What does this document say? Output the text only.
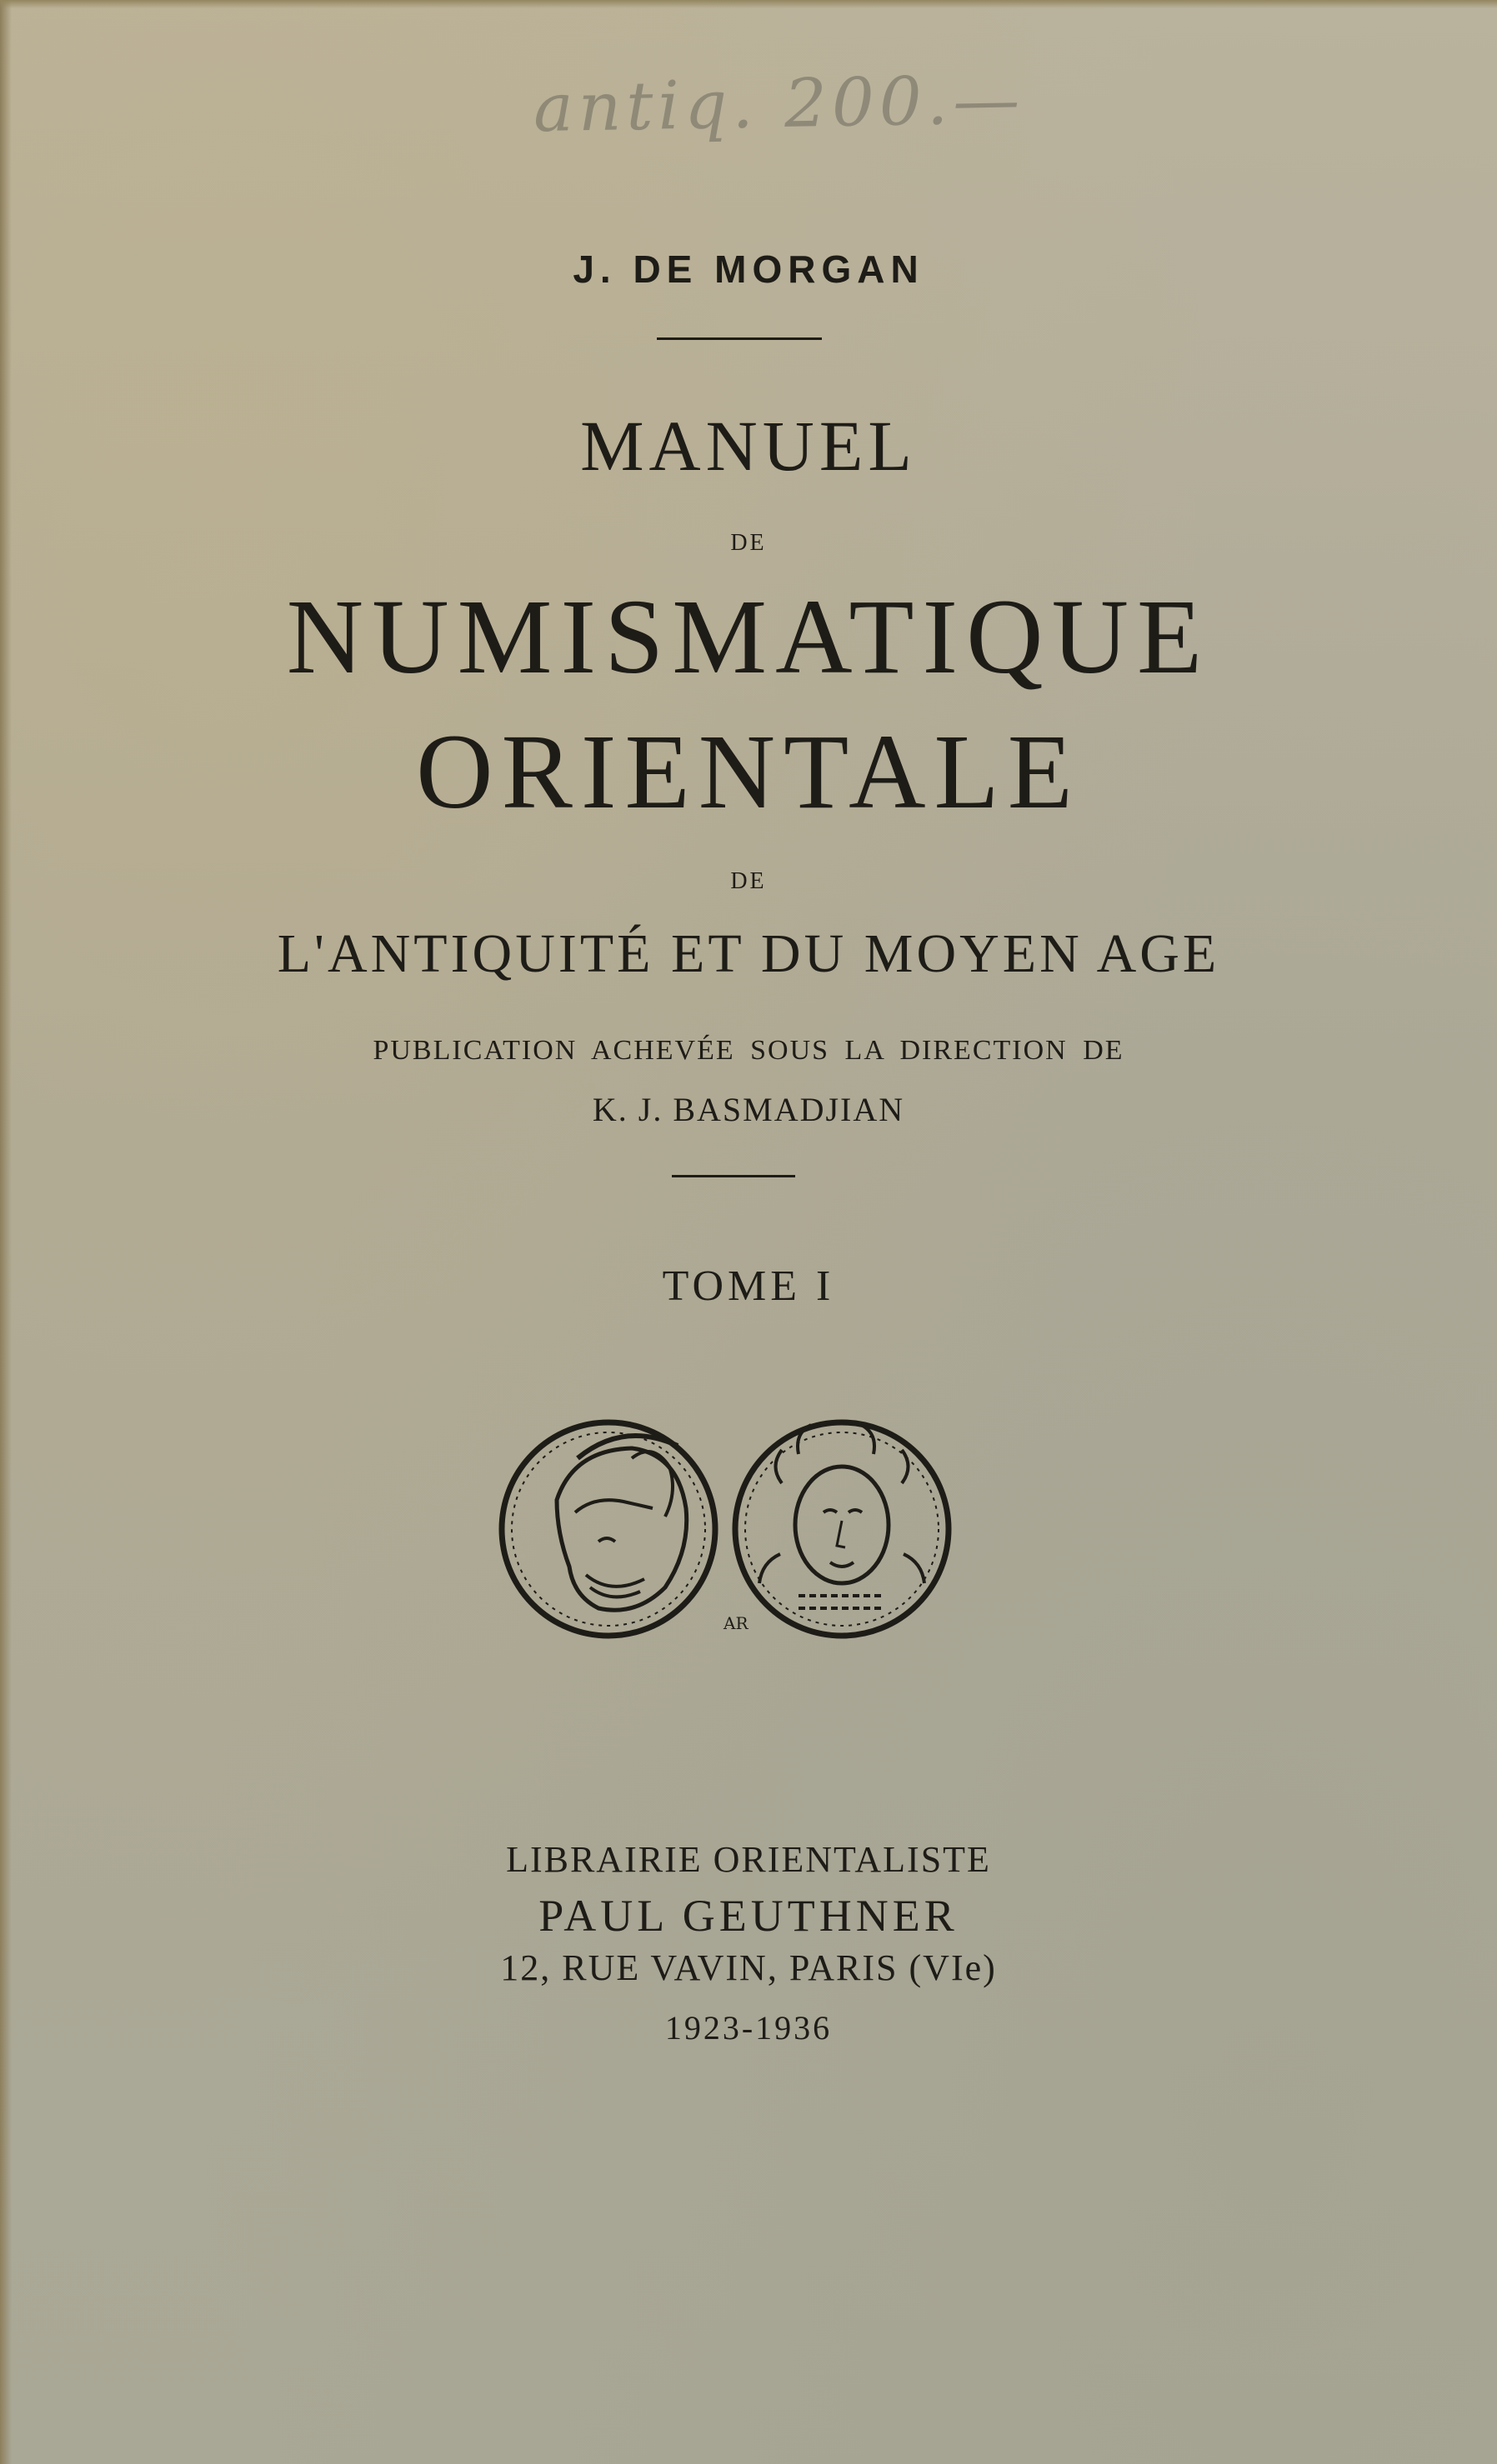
antiq. 200.—
J. DE MORGAN
MANUEL
DE
NUMISMATIQUE
ORIENTALE
DE
L'ANTIQUITÉ ET DU MOYEN AGE
PUBLICATION ACHEVÉE SOUS LA DIRECTION DE
K. J. BASMADJIAN
TOME I
AR
LIBRAIRIE ORIENTALISTE
PAUL GEUTHNER
12, RUE VAVIN, PARIS (VIe)
1923-1936
